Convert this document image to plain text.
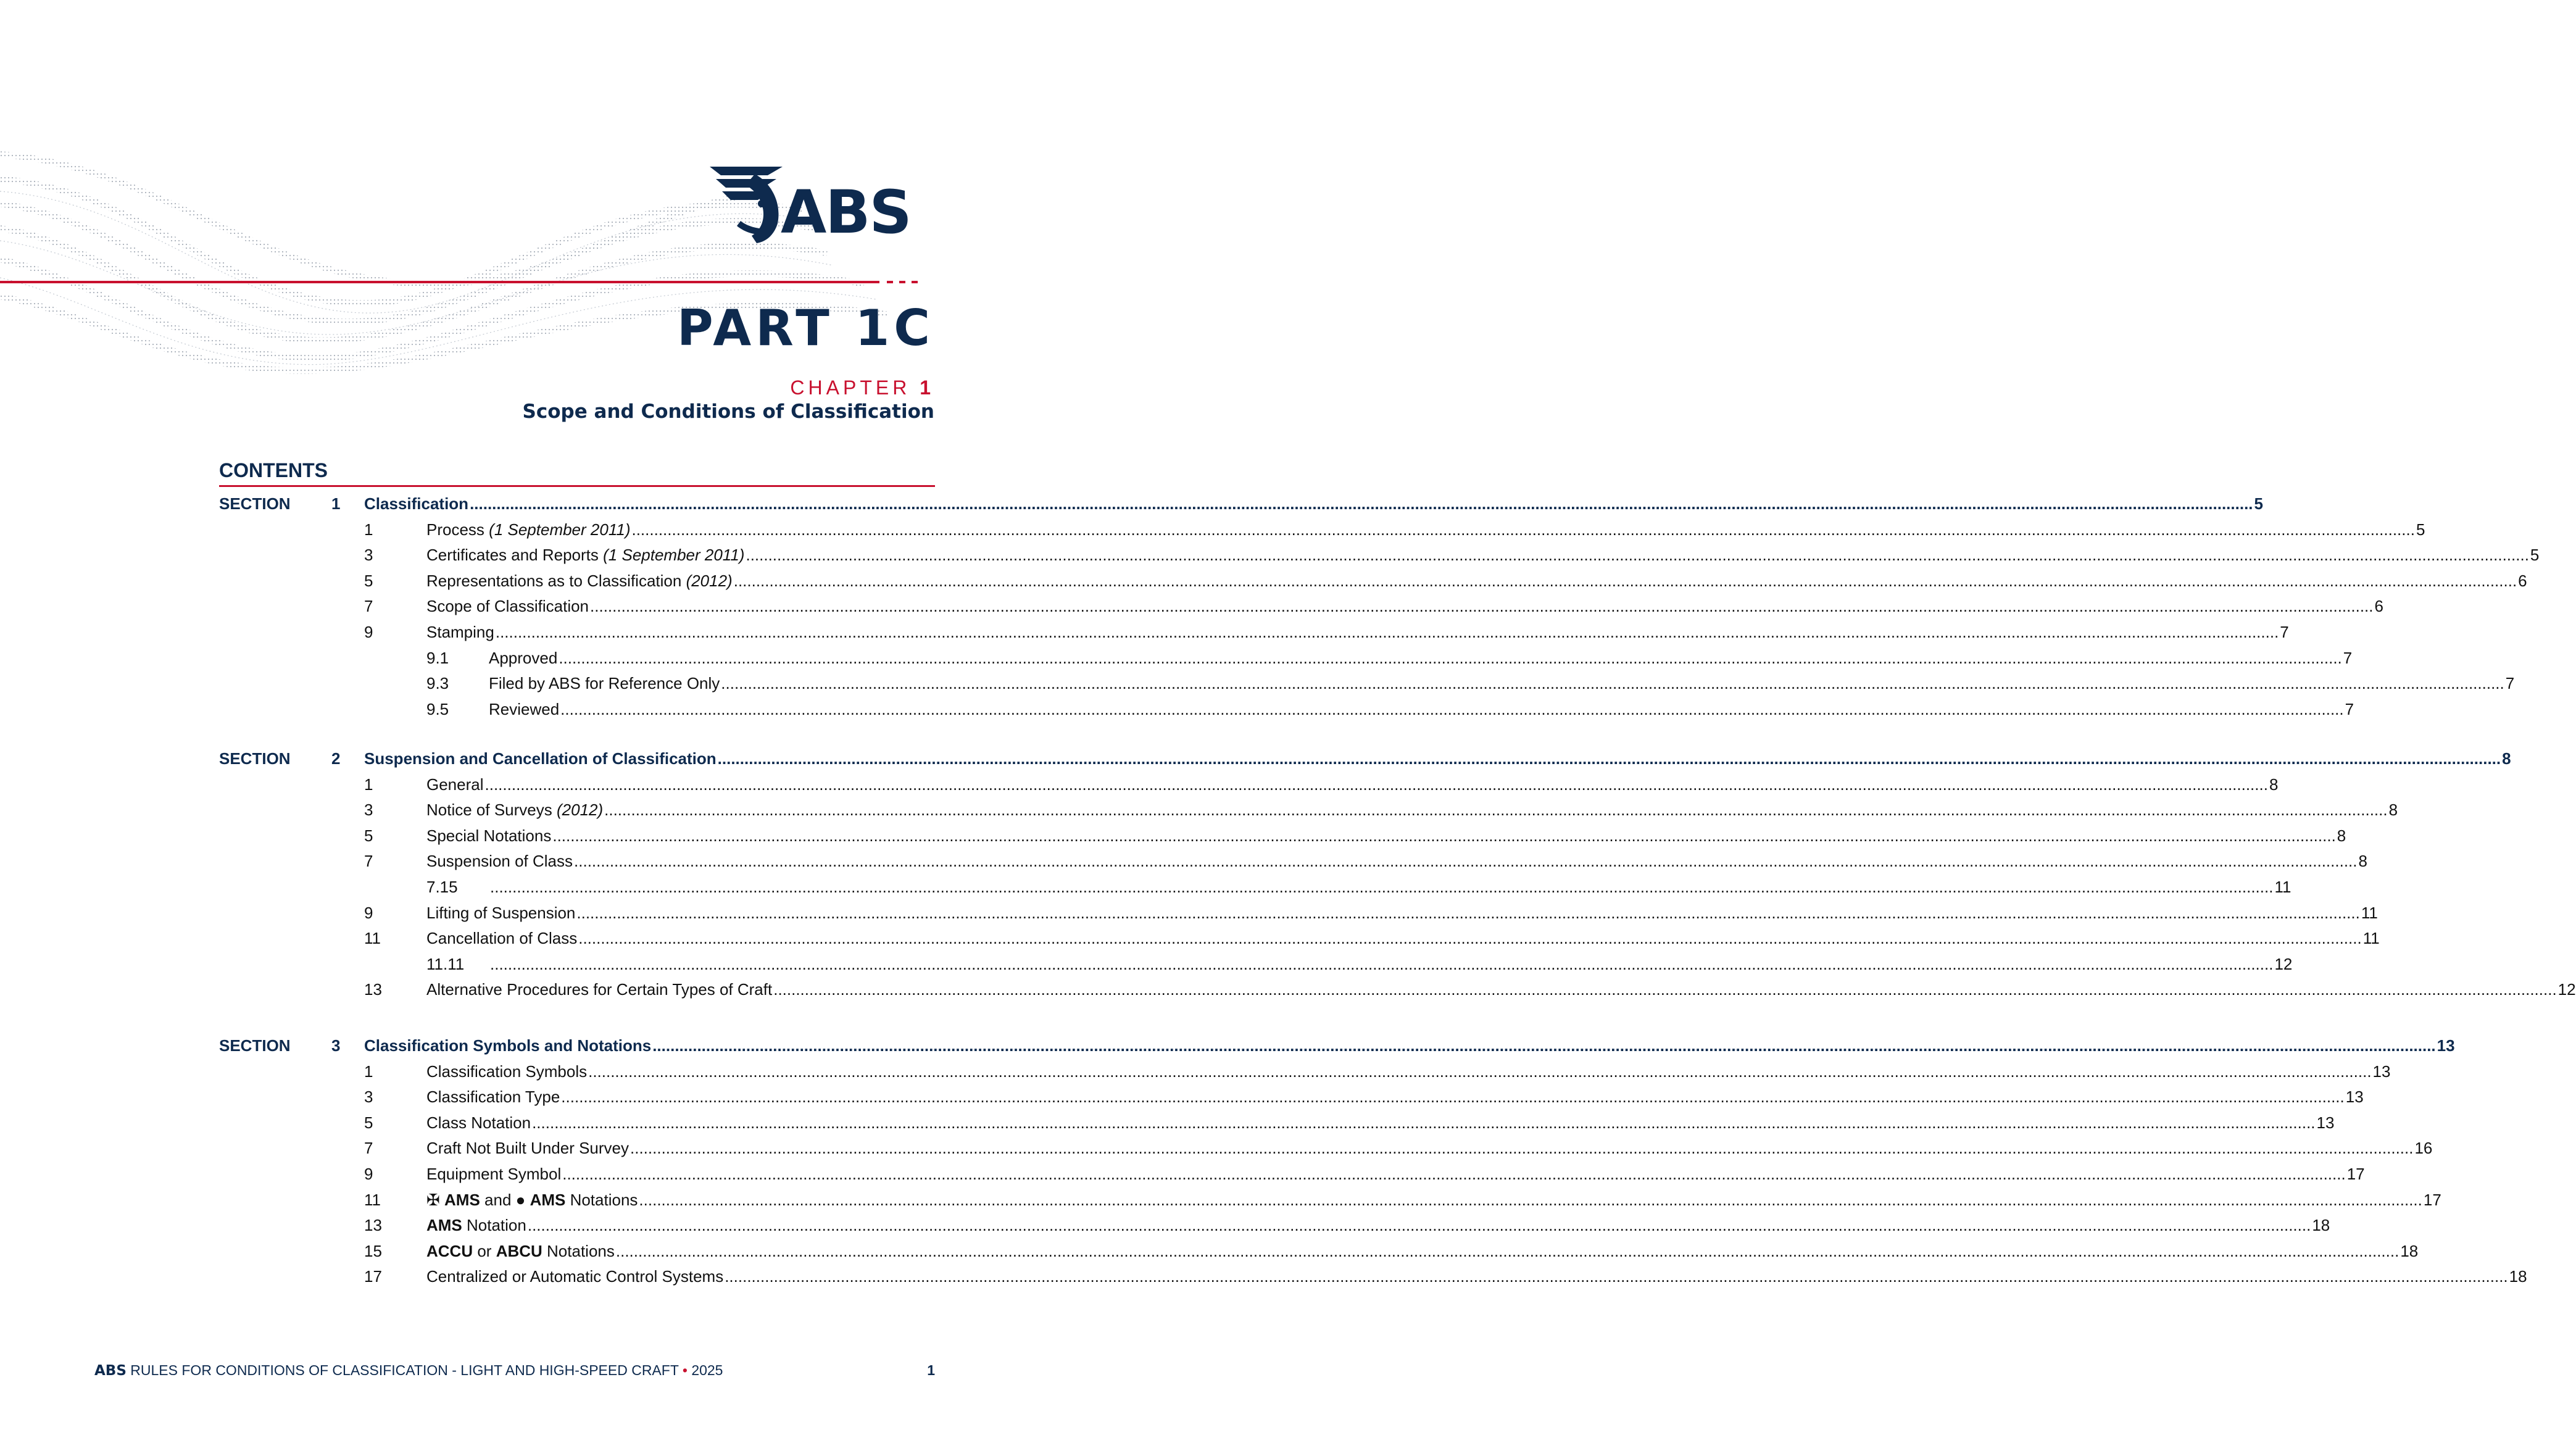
ABS
PART 1C
CHAPTER 1
Scope and Conditions of Classification
CONTENTS
SECTION	1 Classification ................................................................................................................................................................................................................................................................................................................................................................................................................ 5
1	Process (1 September 2011) ................................................................................................................................................................................................................................................................................................................................................................................................................ 5
3	Certificates and Reports (1 September 2011) ................................................................................................................................................................................................................................................................................................................................................................................................................ 5
5	Representations as to Classification (2012) ................................................................................................................................................................................................................................................................................................................................................................................................................ 6
7	Scope of Classification ................................................................................................................................................................................................................................................................................................................................................................................................................ 6
9	Stamping ................................................................................................................................................................................................................................................................................................................................................................................................................ 7
9.1 Approved ................................................................................................................................................................................................................................................................................................................................................................................................................ 7
9.3 Filed by ABS for Reference Only ................................................................................................................................................................................................................................................................................................................................................................................................................ 7
9.5 Reviewed ................................................................................................................................................................................................................................................................................................................................................................................................................ 7
SECTION	2 Suspension and Cancellation of Classification ................................................................................................................................................................................................................................................................................................................................................................................................................ 8
1	General ................................................................................................................................................................................................................................................................................................................................................................................................................ 8
3	Notice of Surveys (2012) ................................................................................................................................................................................................................................................................................................................................................................................................................ 8
5	Special Notations ................................................................................................................................................................................................................................................................................................................................................................................................................ 8
7	Suspension of Class ................................................................................................................................................................................................................................................................................................................................................................................................................ 8
7.15 ................................................................................................................................................................................................................................................................................................................................................................................................................ 11
9	Lifting of Suspension ................................................................................................................................................................................................................................................................................................................................................................................................................ 11
11	Cancellation of Class ................................................................................................................................................................................................................................................................................................................................................................................................................ 11
11.11 ................................................................................................................................................................................................................................................................................................................................................................................................................ 12
13	Alternative Procedures for Certain Types of Craft ................................................................................................................................................................................................................................................................................................................................................................................................................ 12
SECTION	3 Classification Symbols and Notations ................................................................................................................................................................................................................................................................................................................................................................................................................ 13
1	Classification Symbols ................................................................................................................................................................................................................................................................................................................................................................................................................ 13
3	Classification Type ................................................................................................................................................................................................................................................................................................................................................................................................................ 13
5	Class Notation ................................................................................................................................................................................................................................................................................................................................................................................................................ 13
7	Craft Not Built Under Survey ................................................................................................................................................................................................................................................................................................................................................................................................................ 16
9	Equipment Symbol ................................................................................................................................................................................................................................................................................................................................................................................................................ 17
11	✠ AMS and ● AMS Notations ................................................................................................................................................................................................................................................................................................................................................................................................................ 17
13	AMS Notation ................................................................................................................................................................................................................................................................................................................................................................................................................ 18
15	ACCU or ABCU Notations ................................................................................................................................................................................................................................................................................................................................................................................................................ 18
17	Centralized or Automatic Control Systems ................................................................................................................................................................................................................................................................................................................................................................................................................ 18
ABS RULES FOR CONDITIONS OF CLASSIFICATION - LIGHT AND HIGH-SPEED CRAFT • 2025	1
